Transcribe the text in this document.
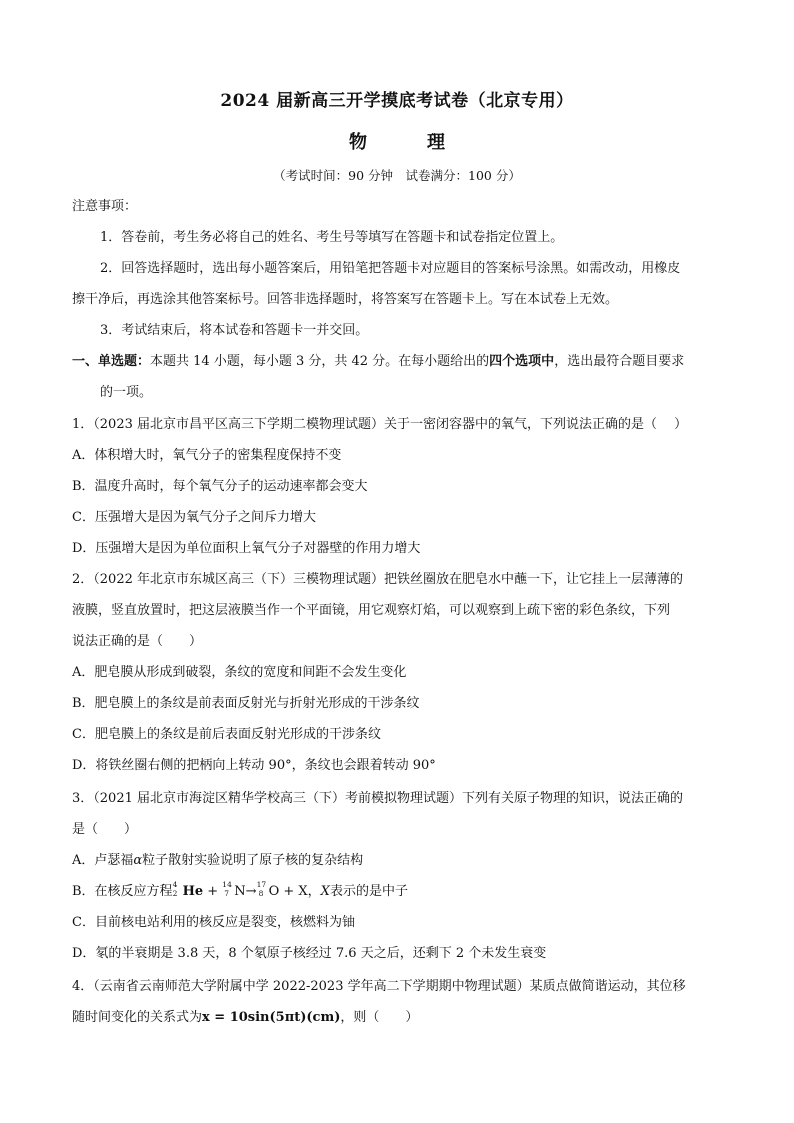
2024 届新高三开学摸底考试卷（北京专用）
物	理
（考试时间：90 分钟　试卷满分：100 分）
注意事项：
1．答卷前，考生务必将自己的姓名、考生号等填写在答题卡和试卷指定位置上。
2．回答选择题时，选出每小题答案后，用铅笔把答题卡对应题目的答案标号涂黑。如需改动，用橡皮
擦干净后，再选涂其他答案标号。回答非选择题时，将答案写在答题卡上。写在本试卷上无效。
3．考试结束后，将本试卷和答题卡一并交回。
一、单选题：本题共 14 小题，每小题 3 分，共 42 分。在每小题给出的四个选项中，选出最符合题目要求
的一项。
1．（2023 届北京市昌平区高三下学期二模物理试题）关于一密闭容器中的氧气，下列说法正确的是（　 ）
A．体积增大时，氧气分子的密集程度保持不变
B．温度升高时，每个氧气分子的运动速率都会变大
C．压强增大是因为氧气分子之间斥力增大
D．压强增大是因为单位面积上氧气分子对器壁的作用力增大
2．（2022 年北京市东城区高三（下）三模物理试题）把铁丝圈放在肥皂水中蘸一下，让它挂上一层薄薄的
液膜，竖直放置时，把这层液膜当作一个平面镜，用它观察灯焰，可以观察到上疏下密的彩色条纹，下列
说法正确的是（　　）
A．肥皂膜从形成到破裂，条纹的宽度和间距不会发生变化
B．肥皂膜上的条纹是前表面反射光与折射光形成的干涉条纹
C．肥皂膜上的条纹是前后表面反射光形成的干涉条纹
D．将铁丝圈右侧的把柄向上转动 90°，条纹也会跟着转动 90°
3．（2021 届北京市海淀区精华学校高三（下）考前模拟物理试题）下列有关原子物理的知识，说法正确的
是（　　）
A．卢瑟福α粒子散射实验说明了原子核的复杂结构
B．在核反应方程 4
2 He + 14
7 N→ 17
8 O + X，X表示的是中子
C．目前核电站利用的核反应是裂变，核燃料为铀
D．氡的半衰期是 3.8 天，8 个氡原子核经过 7.6 天之后，还剩下 2 个未发生衰变
4．（云南省云南师范大学附属中学 2022-2023 学年高二下学期期中物理试题）某质点做简谐运动，其位移
随时间变化的关系式为x = 10sin(5πt)(cm)，则（　　）
